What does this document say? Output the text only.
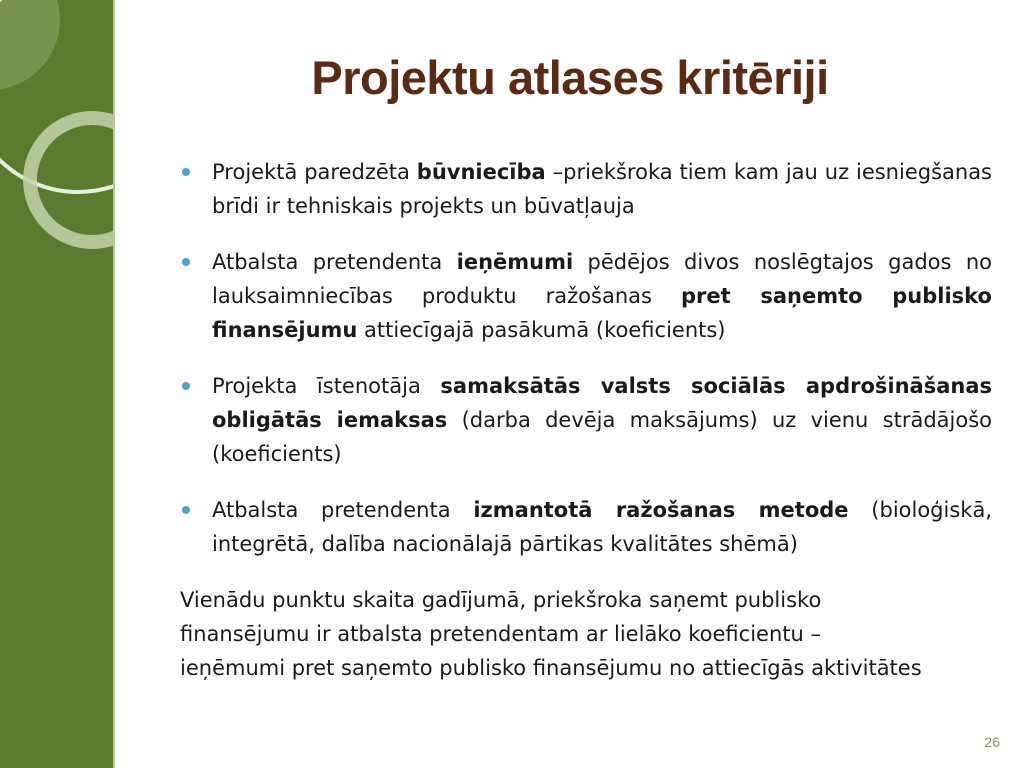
Projektu atlases kritēriji
Projektā paredzēta būvniecība –priekšroka tiem kam jau uz iesniegšanas brīdi ir tehniskais projekts un būvatļauja
Atbalsta pretendenta ieņēmumi pēdējos divos noslēgtajos gados no lauksaimniecības produktu ražošanas pret saņemto publisko finansējumu attiecīgajā pasākumā (koeficients)
Projekta īstenotāja samaksātās valsts sociālās apdrošināšanas obligātās iemaksas (darba devēja maksājums) uz vienu strādājošo (koeficients)
Atbalsta pretendenta izmantotā ražošanas metode (bioloģiskā, integrētā, dalība nacionālajā pārtikas kvalitātes shēmā)
Vienādu punktu skaita gadījumā, priekšroka saņemt publisko finansējumu ir atbalsta pretendentam ar lielāko koeficientu – ieņēmumi pret saņemto publisko finansējumu no attiecīgās aktivitātes
26
